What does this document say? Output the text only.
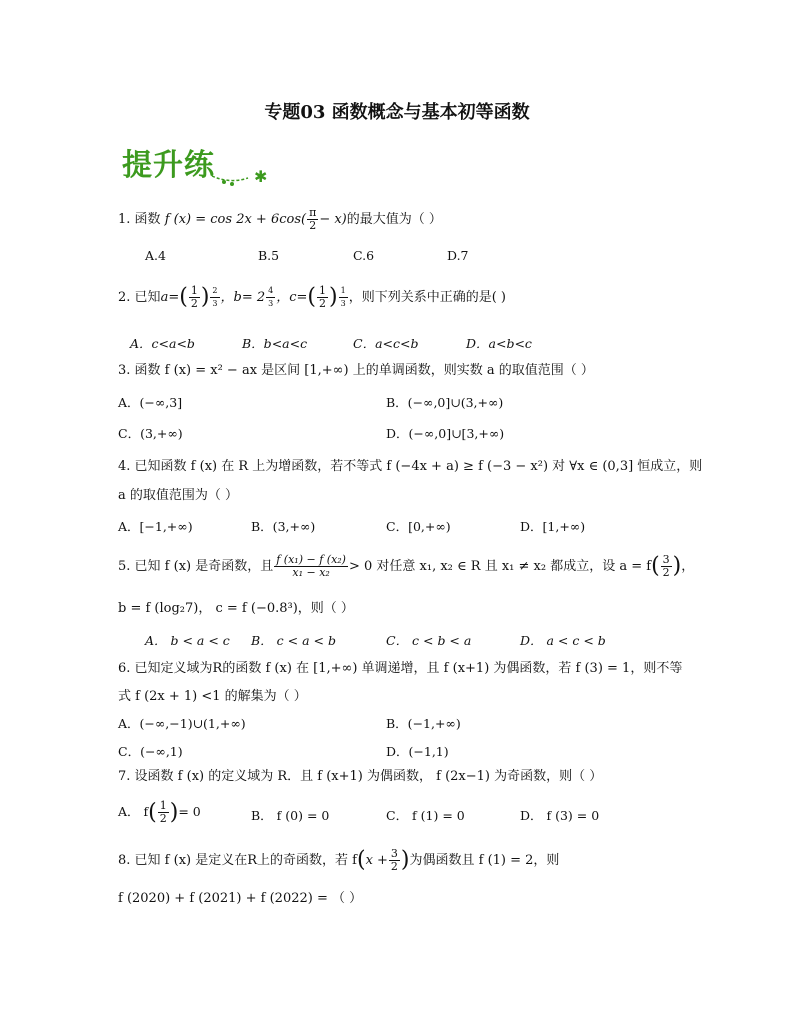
专题03 函数概念与基本初等函数
提升练 ✱
1. 函数 f $(x) = \cos 2x + 6\cos( \frac{\pi}{2} - x)$的最大值为（ ）
A.4	B.5	C.6	D.7
2. 已知$a=( \frac{1}{2}$ ) $^{\frac{2}{3}}$ ，b= 2 $^{\frac{4}{3}}$ ，$c=( \frac{1}{2}$ ) $^{\frac{1}{3}}$ ，则下列关系中正确的是( )
A．c<a<b	B．b<a<c	C．a<c<b	D．a<b<c
3. 函数 f (x) = x² − ax 是区间 [1,+∞) 上的单调函数，则实数 a 的取值范围（ ）
A．(−∞,3]	B．(−∞,0]∪(3,+∞)
C．(3,+∞)	D．(−∞,0]∪[3,+∞)
4. 已知函数 f (x) 在 R 上为增函数，若不等式 f (−4x + a) ≥ f (−3 − x²) 对 ∀x ∈ (0,3] 恒成立，则
a 的取值范围为（ ）
A．[−1,+∞)	B．(3,+∞)	C．[0,+∞)	D．[1,+∞)
5. 已知 f (x) 是奇函数，且 $\frac{\text{f (x₁) − f (x₂)}}{\text{x₁ − x₂}} > 0$ 对任意 x₁, x₂ ∈ R 且 x₁ ≠ x₂ 都成立，设 $a = f( \frac{3}{2}$ )，
b = f (log₂7)， c = f (−0.8³)，则（ ）
A． b < a < c B． c < a < b	C． c < b < a	D． a < c < b
6. 已知定义域为R的函数 f (x) 在 [1,+∞) 单调递增，且 f (x+1) 为偶函数，若 f (3) = 1，则不等
式 f (2x + 1) <1 的解集为（ ）
A．(−∞,−1)∪(1,+∞)	B．(−1,+∞)
C．(−∞,1)	D．(−1,1)
7. 设函数 f (x) 的定义域为 R．且 f (x+1) 为偶函数， f (2x−1) 为奇函数，则（ ）
A． $f( \frac{1}{2}$ )= 0	B． f (0) = 0	C． f (1) = 0	D． f (3) = 0
8. 已知 f (x) 是定义在R上的奇函数，若 $f(x + \frac{3}{2}$ )为偶函数且 f (1) = 2，则
f (2020) + f (2021) + f (2022) = （ ）
